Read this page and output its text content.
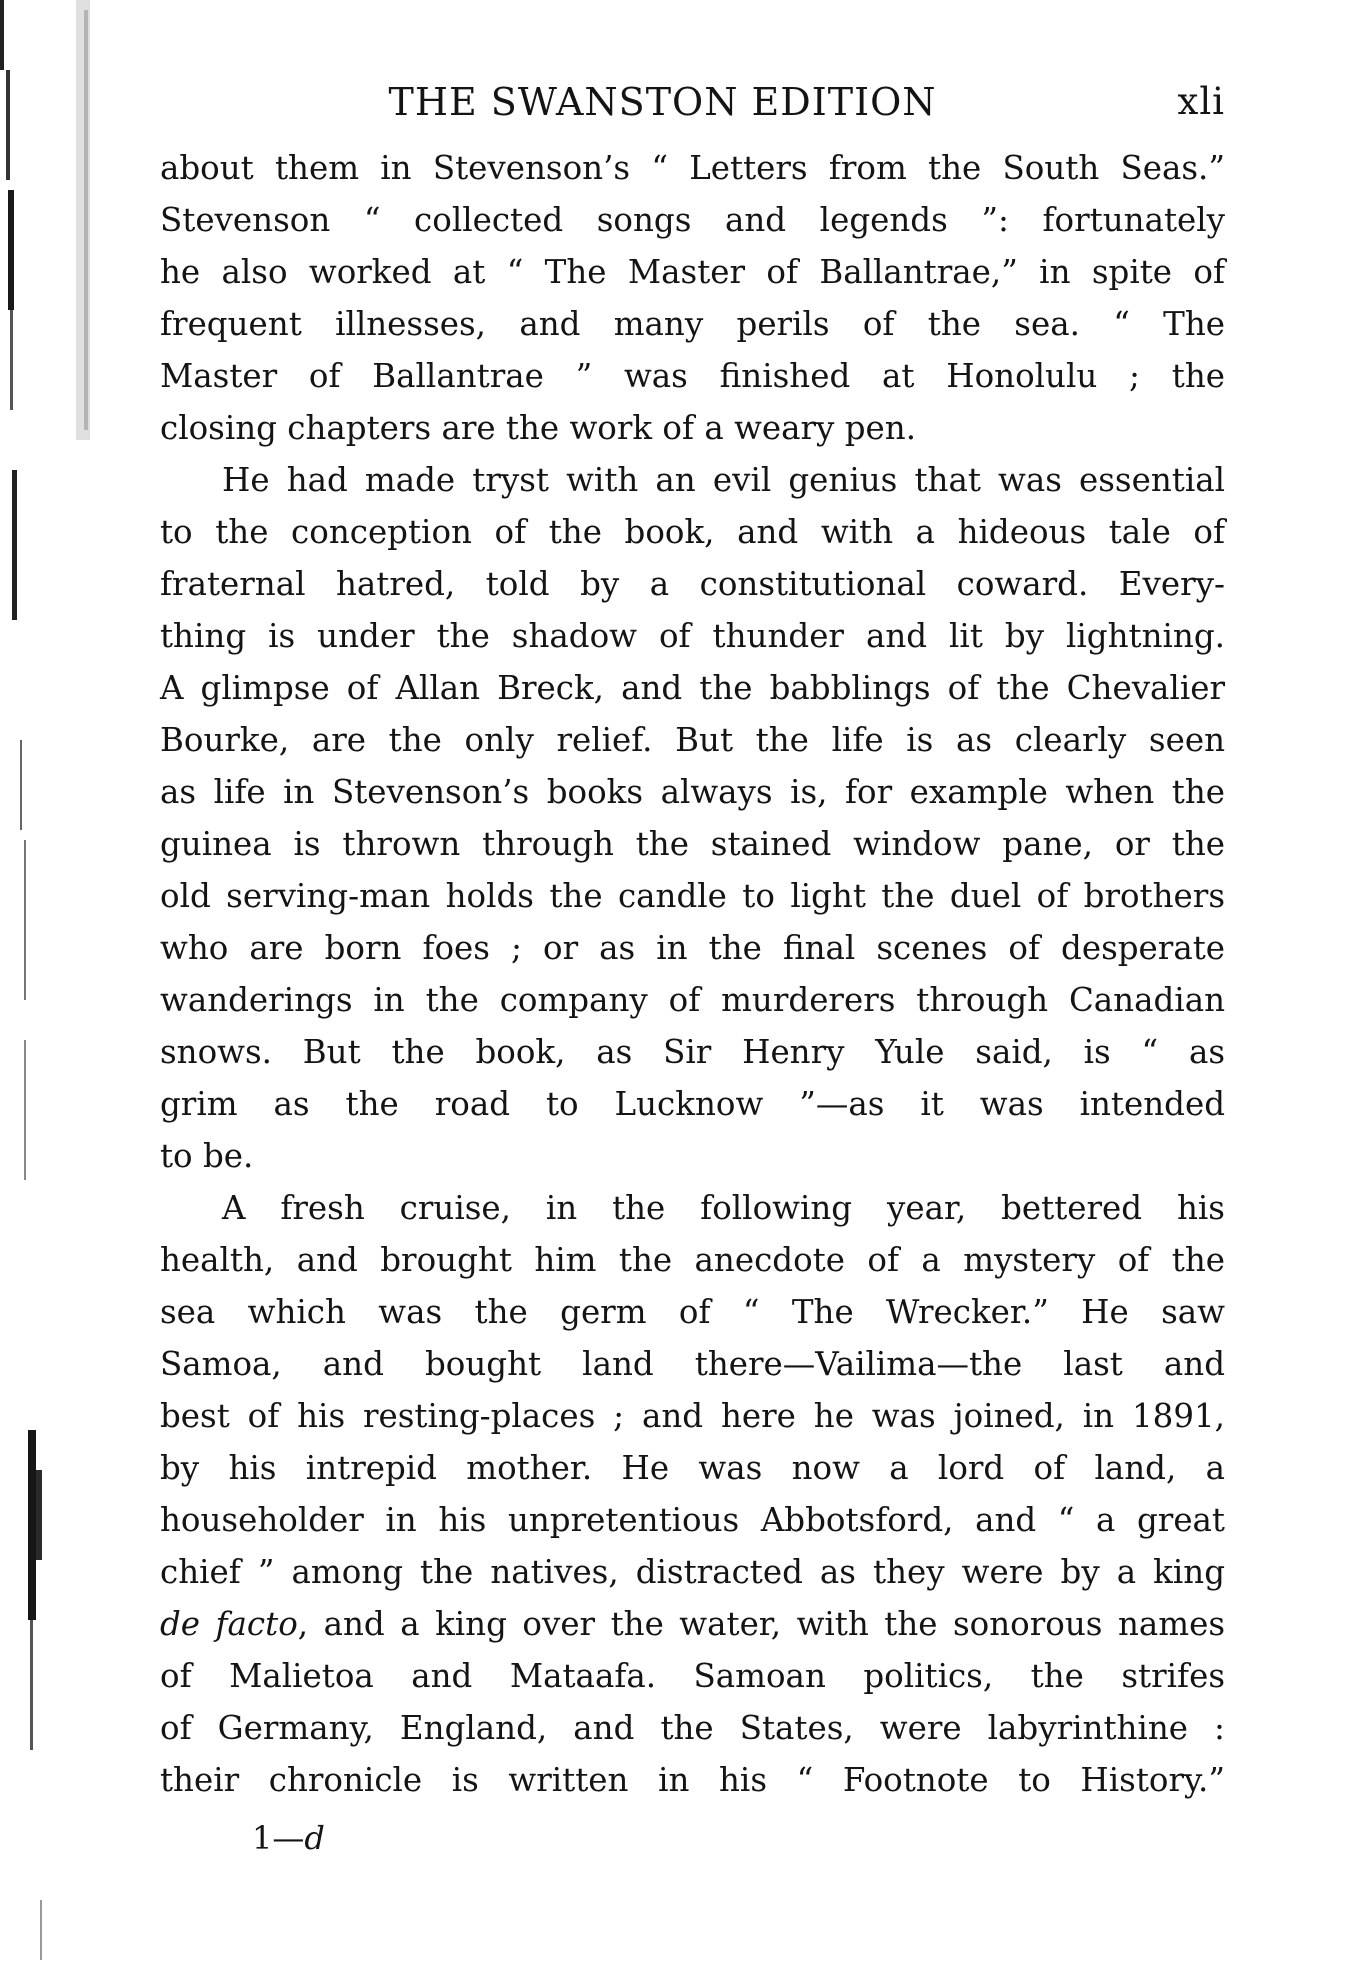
THE SWANSTON EDITION	xli
about them in Stevenson’s “ Letters from the South Seas.”
Stevenson “ collected songs and legends ”: fortunately
he also worked at “ The Master of Ballantrae,” in spite of
frequent illnesses, and many perils of the sea. “ The
Master of Ballantrae ” was finished at Honolulu ; the
closing chapters are the work of a weary pen.
He had made tryst with an evil genius that was essential
to the conception of the book, and with a hideous tale of
fraternal hatred, told by a constitutional coward. Every-
thing is under the shadow of thunder and lit by lightning.
A glimpse of Allan Breck, and the babblings of the Chevalier
Bourke, are the only relief. But the life is as clearly seen
as life in Stevenson’s books always is, for example when the
guinea is thrown through the stained window pane, or the
old serving-man holds the candle to light the duel of brothers
who are born foes ; or as in the final scenes of desperate
wanderings in the company of murderers through Canadian
snows. But the book, as Sir Henry Yule said, is “ as
grim as the road to Lucknow ”—as it was intended
to be.
A fresh cruise, in the following year, bettered his
health, and brought him the anecdote of a mystery of the
sea which was the germ of “ The Wrecker.” He saw
Samoa, and bought land there—Vailima—the last and
best of his resting-places ; and here he was joined, in 1891,
by his intrepid mother. He was now a lord of land, a
householder in his unpretentious Abbotsford, and “ a great
chief ” among the natives, distracted as they were by a king
de facto, and a king over the water, with the sonorous names
of Malietoa and Mataafa. Samoan politics, the strifes
of Germany, England, and the States, were labyrinthine :
their chronicle is written in his “ Footnote to History.”
1—d
